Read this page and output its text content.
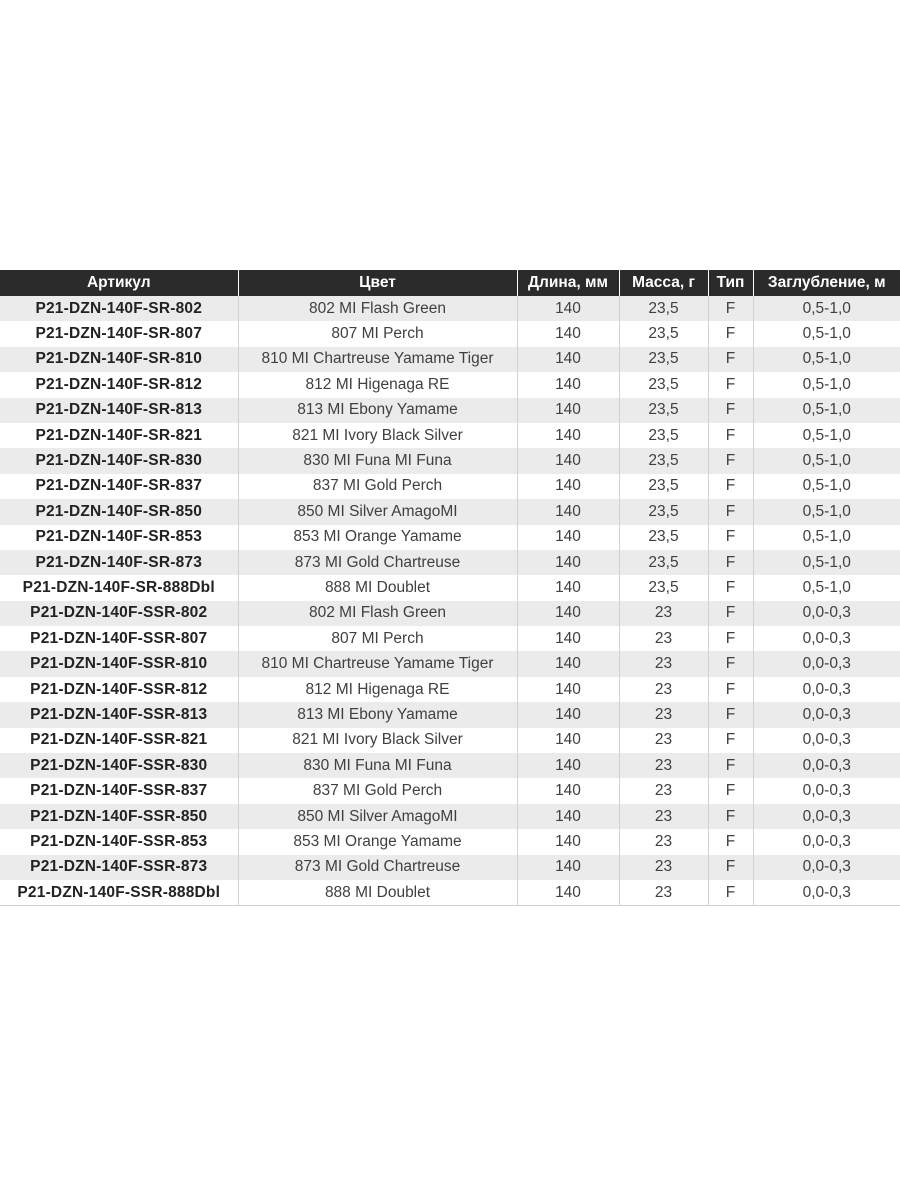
Артикул	Цвет	Длина, мм	Масса, г	Тип	Заглубление, м
P21-DZN-140F-SR-802	802 MI Flash Green	140	23,5	F	0,5-1,0
P21-DZN-140F-SR-807	807 MI Perch	140	23,5	F	0,5-1,0
P21-DZN-140F-SR-810	810 MI Chartreuse Yamame Tiger	140	23,5	F	0,5-1,0
P21-DZN-140F-SR-812	812 MI Higenaga RE	140	23,5	F	0,5-1,0
P21-DZN-140F-SR-813	813 MI Ebony Yamame	140	23,5	F	0,5-1,0
P21-DZN-140F-SR-821	821 MI Ivory Black Silver	140	23,5	F	0,5-1,0
P21-DZN-140F-SR-830	830 MI Funa MI Funa	140	23,5	F	0,5-1,0
P21-DZN-140F-SR-837	837 MI Gold Perch	140	23,5	F	0,5-1,0
P21-DZN-140F-SR-850	850 MI Silver AmagoMI	140	23,5	F	0,5-1,0
P21-DZN-140F-SR-853	853 MI Orange Yamame	140	23,5	F	0,5-1,0
P21-DZN-140F-SR-873	873 MI Gold Chartreuse	140	23,5	F	0,5-1,0
P21-DZN-140F-SR-888Dbl	888 MI Doublet	140	23,5	F	0,5-1,0
P21-DZN-140F-SSR-802	802 MI Flash Green	140	23	F	0,0-0,3
P21-DZN-140F-SSR-807	807 MI Perch	140	23	F	0,0-0,3
P21-DZN-140F-SSR-810	810 MI Chartreuse Yamame Tiger	140	23	F	0,0-0,3
P21-DZN-140F-SSR-812	812 MI Higenaga RE	140	23	F	0,0-0,3
P21-DZN-140F-SSR-813	813 MI Ebony Yamame	140	23	F	0,0-0,3
P21-DZN-140F-SSR-821	821 MI Ivory Black Silver	140	23	F	0,0-0,3
P21-DZN-140F-SSR-830	830 MI Funa MI Funa	140	23	F	0,0-0,3
P21-DZN-140F-SSR-837	837 MI Gold Perch	140	23	F	0,0-0,3
P21-DZN-140F-SSR-850	850 MI Silver AmagoMI	140	23	F	0,0-0,3
P21-DZN-140F-SSR-853	853 MI Orange Yamame	140	23	F	0,0-0,3
P21-DZN-140F-SSR-873	873 MI Gold Chartreuse	140	23	F	0,0-0,3
P21-DZN-140F-SSR-888Dbl	888 MI Doublet	140	23	F	0,0-0,3
